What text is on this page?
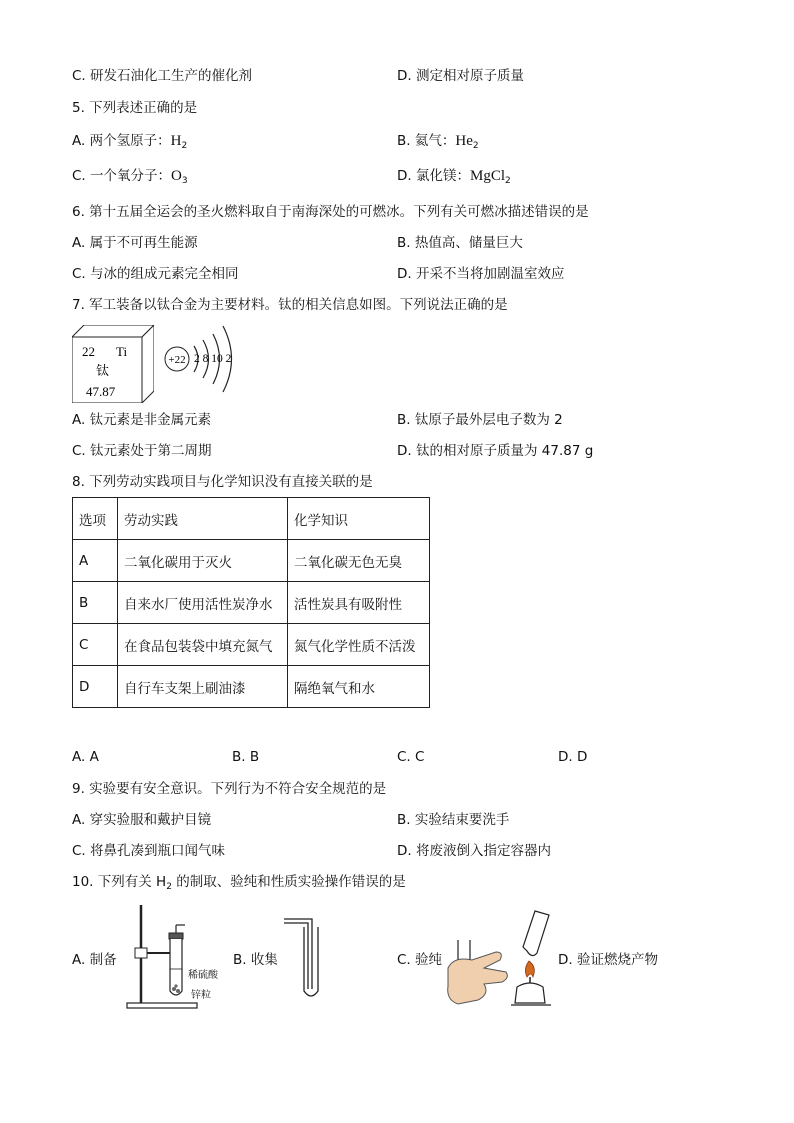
C. 研发石油化工生产的催化剂	D. 测定相对原子质量
5. 下列表述正确的是
A. 两个氢原子：$H_2$	B. 氦气：$He_2$
C. 一个氧分子：$O_3$	D. 氯化镁：MgCl$_2$
6. 第十五届全运会的圣火燃料取自于南海深处的可燃冰。下列有关可燃冰描述错误的是
A. 属于不可再生能源	B. 热值高、储量巨大
C. 与冰的组成元素完全相同	D. 开采不当将加剧温室效应
7. 军工装备以钛合金为主要材料。钛的相关信息如图。下列说法正确的是
22 Ti
钛
47.87
+22 2 8 10 2
A. 钛元素是非金属元素	B. 钛原子最外层电子数为 2
C. 钛元素处于第二周期	D. 钛的相对原子质量为 47.87 g
8. 下列劳动实践项目与化学知识没有直接关联的是
选项	劳动实践	化学知识
A	二氧化碳用于灭火	二氧化碳无色无臭
B	自来水厂使用活性炭净水	活性炭具有吸附性
C	在食品包装袋中填充氮气	氮气化学性质不活泼
D	自行车支架上刷油漆	隔绝氧气和水
A. A	B. B	C. C	D. D
9. 实验要有安全意识。下列行为不符合安全规范的是
A. 穿实验服和戴护目镜	B. 实验结束要洗手
C. 将鼻孔凑到瓶口闻气味	D. 将废液倒入指定容器内
10. 下列有关 $H_2$ 的制取、验纯和性质实验操作错误的是
A. 制备
稀硫酸
锌粒
B. 收集	C. 验纯	D. 验证燃烧产物
